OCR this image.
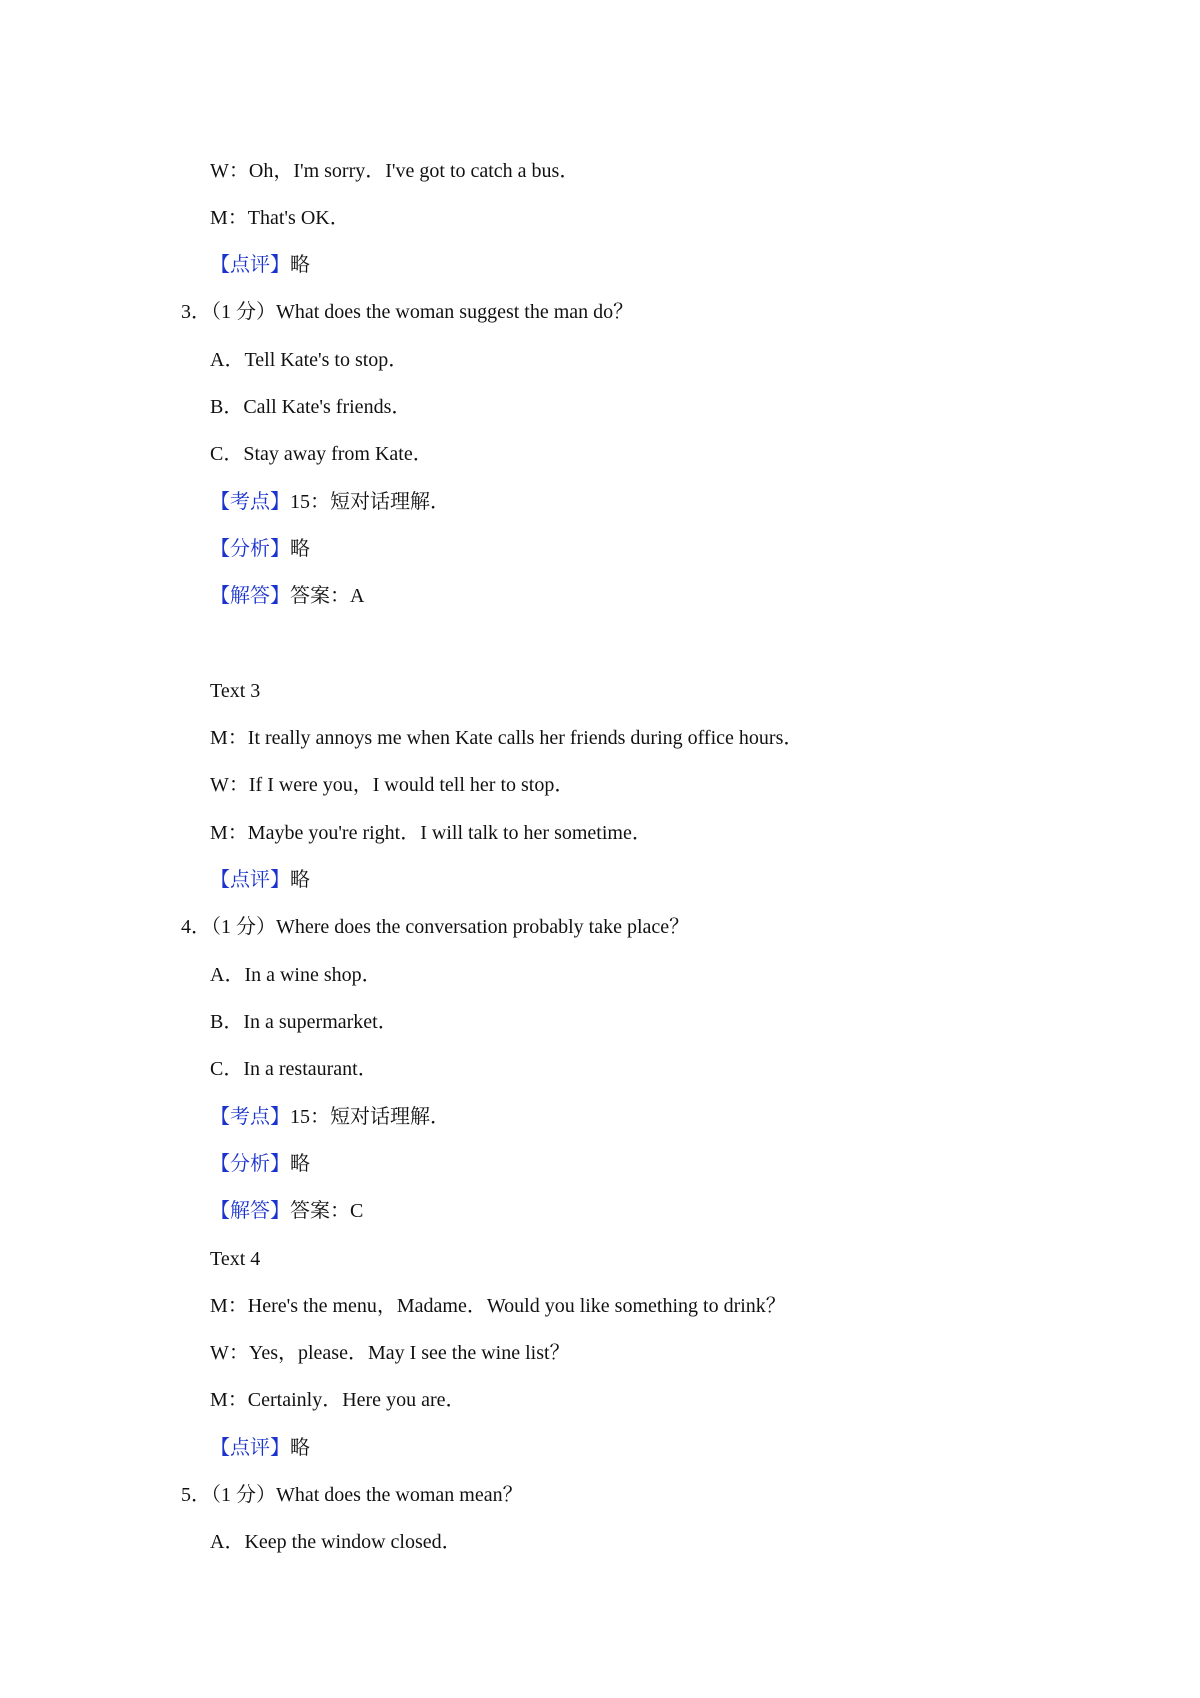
W：Oh，I'm sorry．I've got to catch a bus．
M：That's OK．
【点评】略
3．（1 分）What does the woman suggest the man do？
A．Tell Kate's to stop．
B．Call Kate's friends．
C．Stay away from Kate．
【考点】15：短对话理解．
【分析】略
【解答】答案：A
Text 3
M：It really annoys me when Kate calls her friends during office hours．
W：If I were you，I would tell her to stop．
M：Maybe you're right．I will talk to her sometime．
【点评】略
4．（1 分）Where does the conversation probably take place？
A．In a wine shop．
B．In a supermarket．
C．In a restaurant．
【考点】15：短对话理解．
【分析】略
【解答】答案：C
Text 4
M：Here's the menu，Madame．Would you like something to drink？
W：Yes，please．May I see the wine list？
M：Certainly．Here you are．
【点评】略
5．（1 分）What does the woman mean？
A．Keep the window closed．
